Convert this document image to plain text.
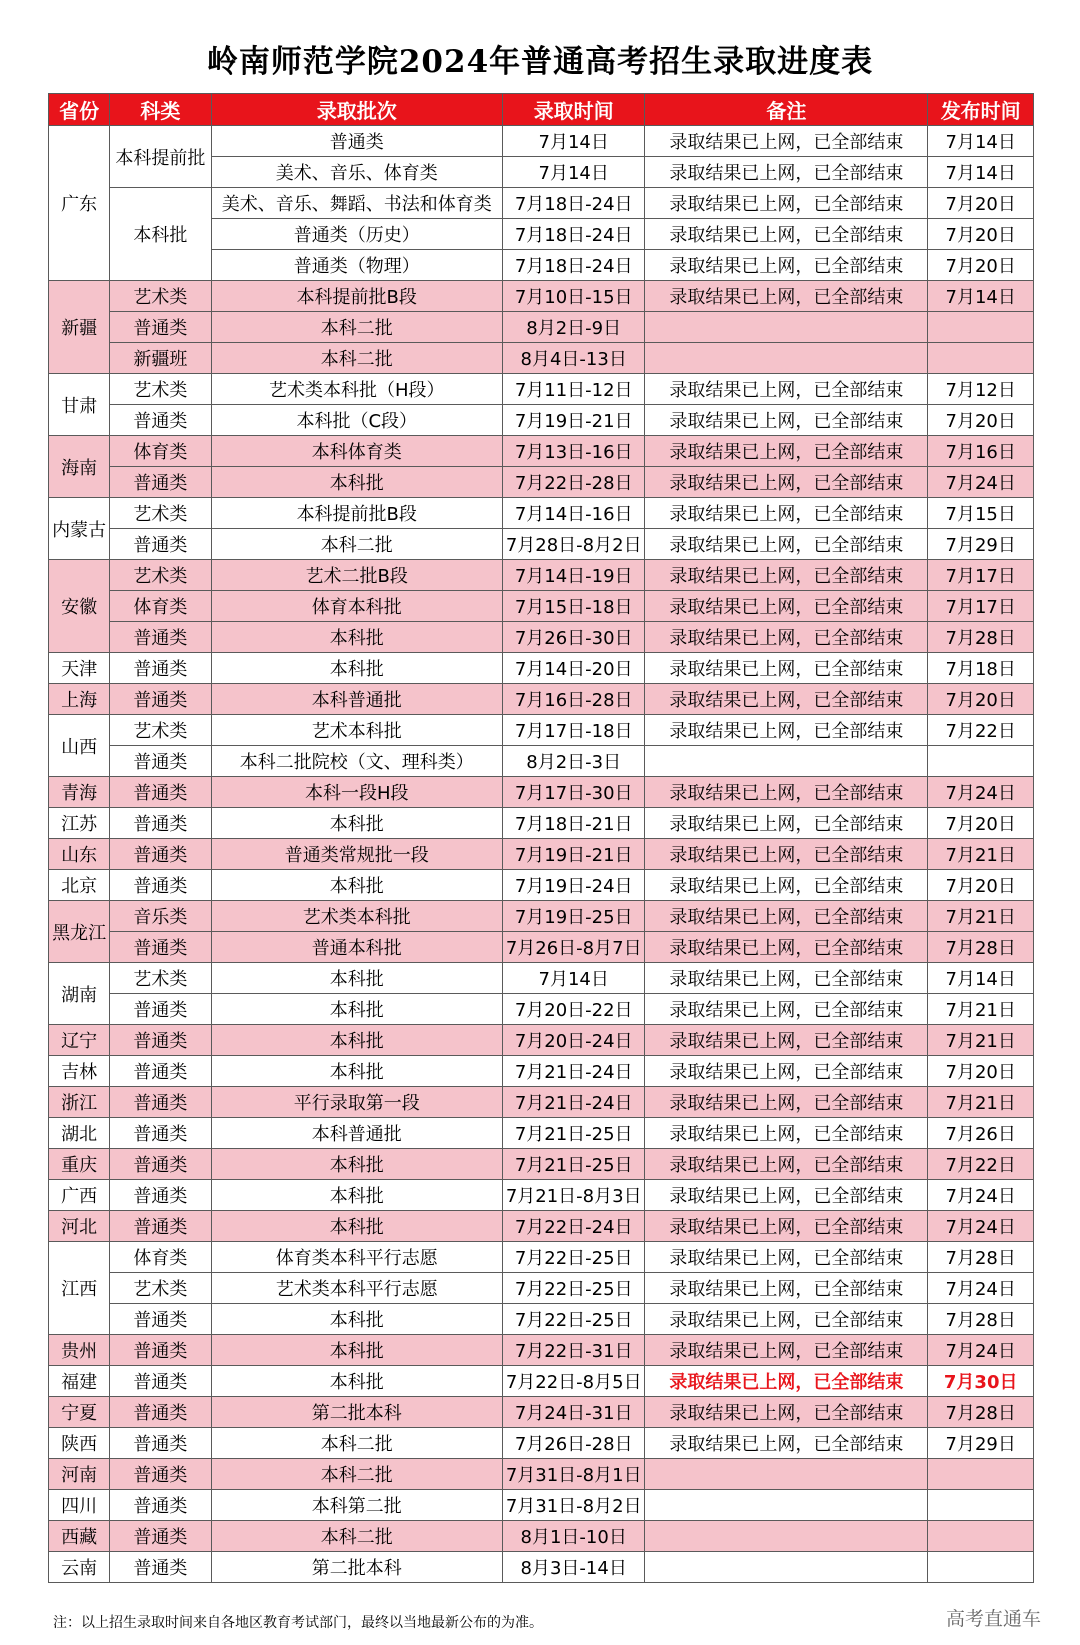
岭南师范学院2024年普通高考招生录取进度表
省份	科类	录取批次	录取时间	备注	发布时间
广东	本科提前批	普通类	7月14日	录取结果已上网，已全部结束	7月14日
		美术、音乐、体育类	7月14日	录取结果已上网，已全部结束	7月14日
	本科批	美术、音乐、舞蹈、书法和体育类	7月18日-24日	录取结果已上网，已全部结束	7月20日
		普通类（历史）	7月18日-24日	录取结果已上网，已全部结束	7月20日
		普通类（物理）	7月18日-24日	录取结果已上网，已全部结束	7月20日
新疆	艺术类	本科提前批B段	7月10日-15日	录取结果已上网，已全部结束	7月14日
	普通类	本科二批	8月2日-9日		
	新疆班	本科二批	8月4日-13日		
甘肃	艺术类	艺术类本科批（H段）	7月11日-12日	录取结果已上网，已全部结束	7月12日
	普通类	本科批（C段）	7月19日-21日	录取结果已上网，已全部结束	7月20日
海南	体育类	本科体育类	7月13日-16日	录取结果已上网，已全部结束	7月16日
	普通类	本科批	7月22日-28日	录取结果已上网，已全部结束	7月24日
内蒙古	艺术类	本科提前批B段	7月14日-16日	录取结果已上网，已全部结束	7月15日
	普通类	本科二批	7月28日-8月2日	录取结果已上网，已全部结束	7月29日
安徽	艺术类	艺术二批B段	7月14日-19日	录取结果已上网，已全部结束	7月17日
	体育类	体育本科批	7月15日-18日	录取结果已上网，已全部结束	7月17日
	普通类	本科批	7月26日-30日	录取结果已上网，已全部结束	7月28日
天津	普通类	本科批	7月14日-20日	录取结果已上网，已全部结束	7月18日
上海	普通类	本科普通批	7月16日-28日	录取结果已上网，已全部结束	7月20日
山西	艺术类	艺术本科批	7月17日-18日	录取结果已上网，已全部结束	7月22日
	普通类	本科二批院校（文、理科类）	8月2日-3日		
青海	普通类	本科一段H段	7月17日-30日	录取结果已上网，已全部结束	7月24日
江苏	普通类	本科批	7月18日-21日	录取结果已上网，已全部结束	7月20日
山东	普通类	普通类常规批一段	7月19日-21日	录取结果已上网，已全部结束	7月21日
北京	普通类	本科批	7月19日-24日	录取结果已上网，已全部结束	7月20日
黑龙江	音乐类	艺术类本科批	7月19日-25日	录取结果已上网，已全部结束	7月21日
	普通类	普通本科批	7月26日-8月7日	录取结果已上网，已全部结束	7月28日
湖南	艺术类	本科批	7月14日	录取结果已上网，已全部结束	7月14日
	普通类	本科批	7月20日-22日	录取结果已上网，已全部结束	7月21日
辽宁	普通类	本科批	7月20日-24日	录取结果已上网，已全部结束	7月21日
吉林	普通类	本科批	7月21日-24日	录取结果已上网，已全部结束	7月20日
浙江	普通类	平行录取第一段	7月21日-24日	录取结果已上网，已全部结束	7月21日
湖北	普通类	本科普通批	7月21日-25日	录取结果已上网，已全部结束	7月26日
重庆	普通类	本科批	7月21日-25日	录取结果已上网，已全部结束	7月22日
广西	普通类	本科批	7月21日-8月3日	录取结果已上网，已全部结束	7月24日
河北	普通类	本科批	7月22日-24日	录取结果已上网，已全部结束	7月24日
江西	体育类	体育类本科平行志愿	7月22日-25日	录取结果已上网，已全部结束	7月28日
	艺术类	艺术类本科平行志愿	7月22日-25日	录取结果已上网，已全部结束	7月24日
	普通类	本科批	7月22日-25日	录取结果已上网，已全部结束	7月28日
贵州	普通类	本科批	7月22日-31日	录取结果已上网，已全部结束	7月24日
福建	普通类	本科批	7月22日-8月5日	录取结果已上网，已全部结束	7月30日
宁夏	普通类	第二批本科	7月24日-31日	录取结果已上网，已全部结束	7月28日
陕西	普通类	本科二批	7月26日-28日	录取结果已上网，已全部结束	7月29日
河南	普通类	本科二批	7月31日-8月1日		
四川	普通类	本科第二批	7月31日-8月2日		
西藏	普通类	本科二批	8月1日-10日		
云南	普通类	第二批本科	8月3日-14日		
注：以上招生录取时间来自各地区教育考试部门，最终以当地最新公布的为准。	高考直通车
